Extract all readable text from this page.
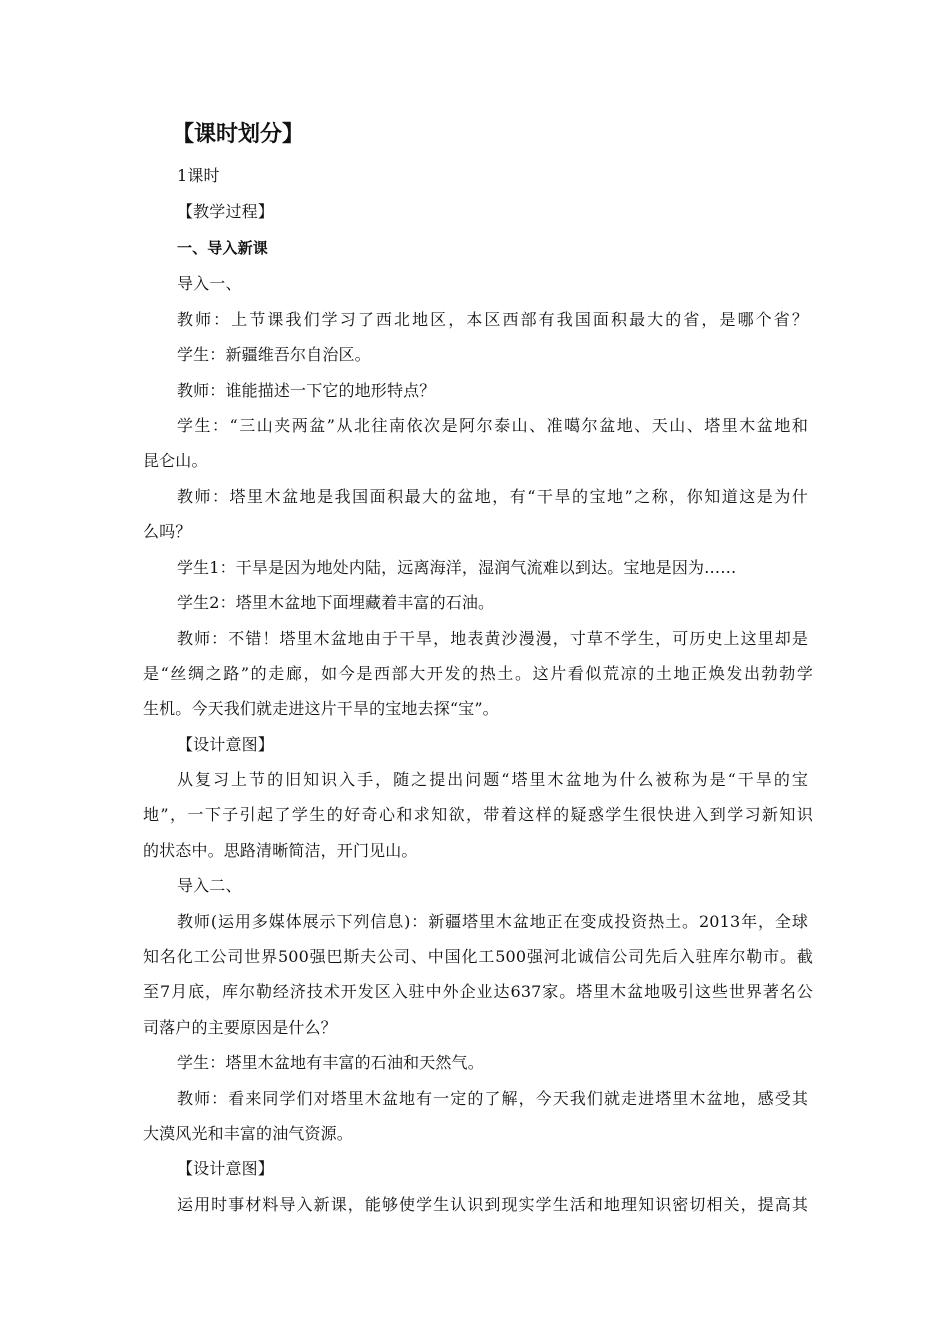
【课时划分】
1课时
【教学过程】
一、导入新课
导入一、
教师：上节课我们学习了西北地区，本区西部有我国面积最大的省，是哪个省？
学生：新疆维吾尔自治区。
教师：谁能描述一下它的地形特点？
学生：“三山夹两盆”从北往南依次是阿尔泰山、准噶尔盆地、天山、塔里木盆地和
昆仑山。
教师：塔里木盆地是我国面积最大的盆地，有“干旱的宝地”之称，你知道这是为什
么吗？
学生1：干旱是因为地处内陆，远离海洋，湿润气流难以到达。宝地是因为……
学生2：塔里木盆地下面埋藏着丰富的石油。
教师：不错！塔里木盆地由于干旱，地表黄沙漫漫，寸草不学生，可历史上这里却是
是“丝绸之路”的走廊，如今是西部大开发的热土。这片看似荒凉的土地正焕发出勃勃学
生机。今天我们就走进这片干旱的宝地去探“宝”。
【设计意图】
从复习上节的旧知识入手，随之提出问题“塔里木盆地为什么被称为是“干旱的宝
地”，一下子引起了学生的好奇心和求知欲，带着这样的疑惑学生很快进入到学习新知识
的状态中。思路清晰简洁，开门见山。
导入二、
教师(运用多媒体展示下列信息)：新疆塔里木盆地正在变成投资热土。2013年，全球
知名化工公司世界500强巴斯夫公司、中国化工500强河北诚信公司先后入驻库尔勒市。截
至7月底，库尔勒经济技术开发区入驻中外企业达637家。塔里木盆地吸引这些世界著名公
司落户的主要原因是什么？
学生：塔里木盆地有丰富的石油和天然气。
教师：看来同学们对塔里木盆地有一定的了解，今天我们就走进塔里木盆地，感受其
大漠风光和丰富的油气资源。
【设计意图】
运用时事材料导入新课，能够使学生认识到现实学生活和地理知识密切相关，提高其
